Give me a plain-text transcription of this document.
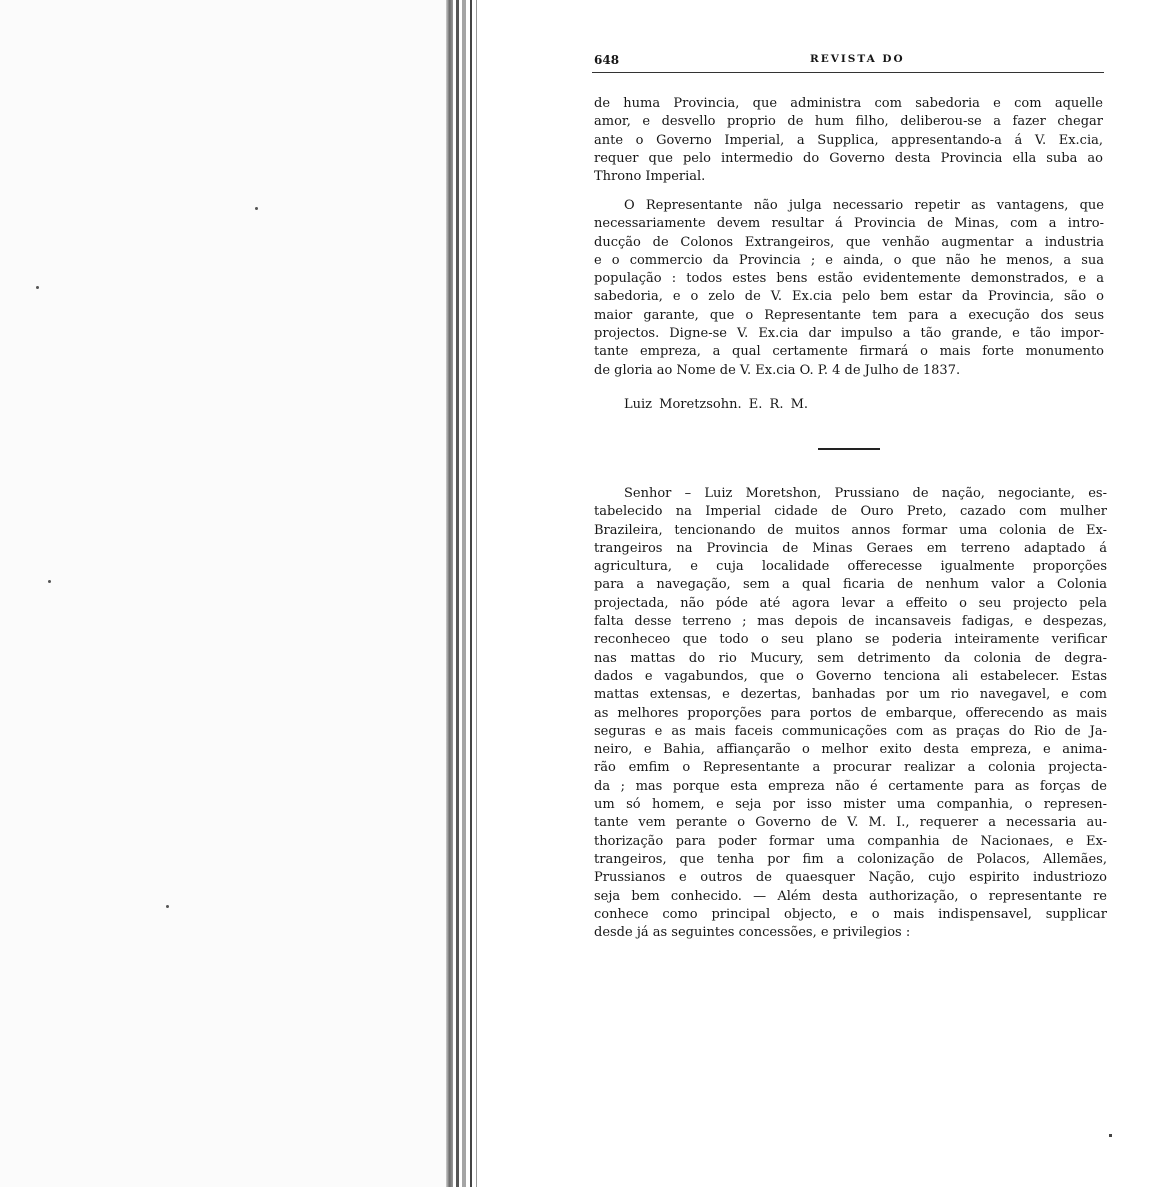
648	REVISTA DO
de huma Provincia, que administra com sabedoria e com aquelle
amor, e desvello proprio de hum filho, deliberou-se a fazer chegar
ante o Governo Imperial, a Supplica, appresentando-a á V. Ex.cia,
requer que pelo intermedio do Governo desta Provincia ella suba ao
Throno Imperial.
O Representante não julga necessario repetir as vantagens, que
necessariamente devem resultar á Provincia de Minas, com a intro-
ducção de Colonos Extrangeiros, que venhão augmentar a industria
e o commercio da Provincia ; e ainda, o que não he menos, a sua
população : todos estes bens estão evidentemente demonstrados, e a
sabedoria, e o zelo de V. Ex.cia pelo bem estar da Provincia, são o
maior garante, que o Representante tem para a execução dos seus
projectos. Digne-se V. Ex.cia dar impulso a tão grande, e tão impor-
tante empreza, a qual certamente firmará o mais forte monumento
de gloria ao Nome de V. Ex.cia O. P. 4 de Julho de 1837.
Luiz Moretzsohn. E. R. M.
Senhor – Luiz Moretshon, Prussiano de nação, negociante, es-
tabelecido na Imperial cidade de Ouro Preto, cazado com mulher
Brazileira, tencionando de muitos annos formar uma colonia de Ex-
trangeiros na Provincia de Minas Geraes em terreno adaptado á
agricultura, e cuja localidade offerecesse igualmente proporções
para a navegação, sem a qual ficaria de nenhum valor a Colonia
projectada, não póde até agora levar a effeito o seu projecto pela
falta desse terreno ; mas depois de incansaveis fadigas, e despezas,
reconheceo que todo o seu plano se poderia inteiramente verificar
nas mattas do rio Mucury, sem detrimento da colonia de degra-
dados e vagabundos, que o Governo tenciona ali estabelecer. Estas
mattas extensas, e dezertas, banhadas por um rio navegavel, e com
as melhores proporções para portos de embarque, offerecendo as mais
seguras e as mais faceis communicações com as praças do Rio de Ja-
neiro, e Bahia, affiançarão o melhor exito desta empreza, e anima-
rão emfim o Representante a procurar realizar a colonia projecta-
da ; mas porque esta empreza não é certamente para as forças de
um só homem, e seja por isso mister uma companhia, o represen-
tante vem perante o Governo de V. M. I., requerer a necessaria au-
thorização para poder formar uma companhia de Nacionaes, e Ex-
trangeiros, que tenha por fim a colonização de Polacos, Allemães,
Prussianos e outros de quaesquer Nação, cujo espirito industriozo
seja bem conhecido. — Além desta authorização, o representante re
conhece como principal objecto, e o mais indispensavel, supplicar
desde já as seguintes concessões, e privilegios :
